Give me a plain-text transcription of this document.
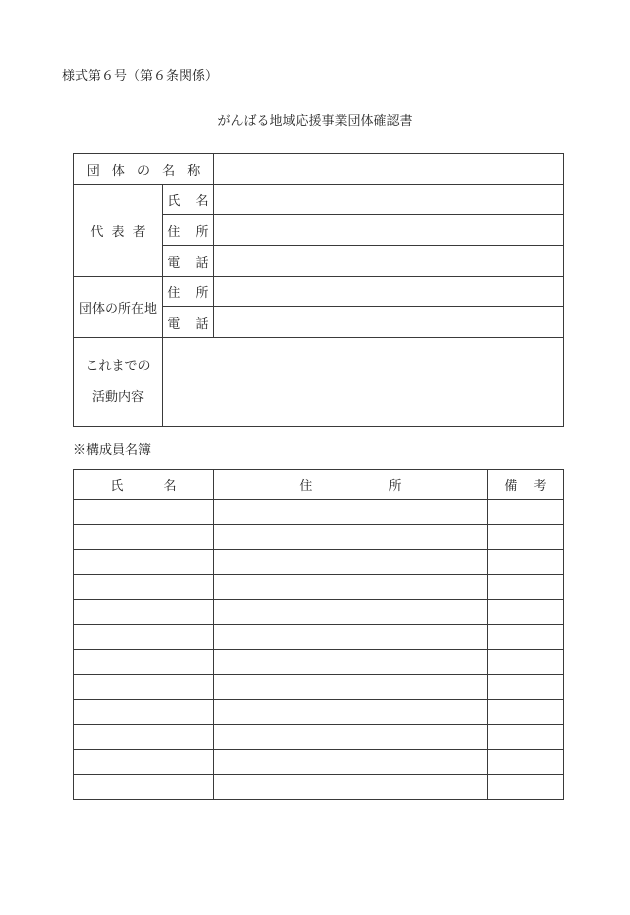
様式第６号（第６条関係）
がんばる地域応援事業団体確認書
団 体 の 名 称		
代 表 者	氏 名	
	住 所	
	電 話	
団体の所在地	住 所	
	電 話	

これまでの
活動内容		

※構成員名簿
氏 名	住 所	備 考
